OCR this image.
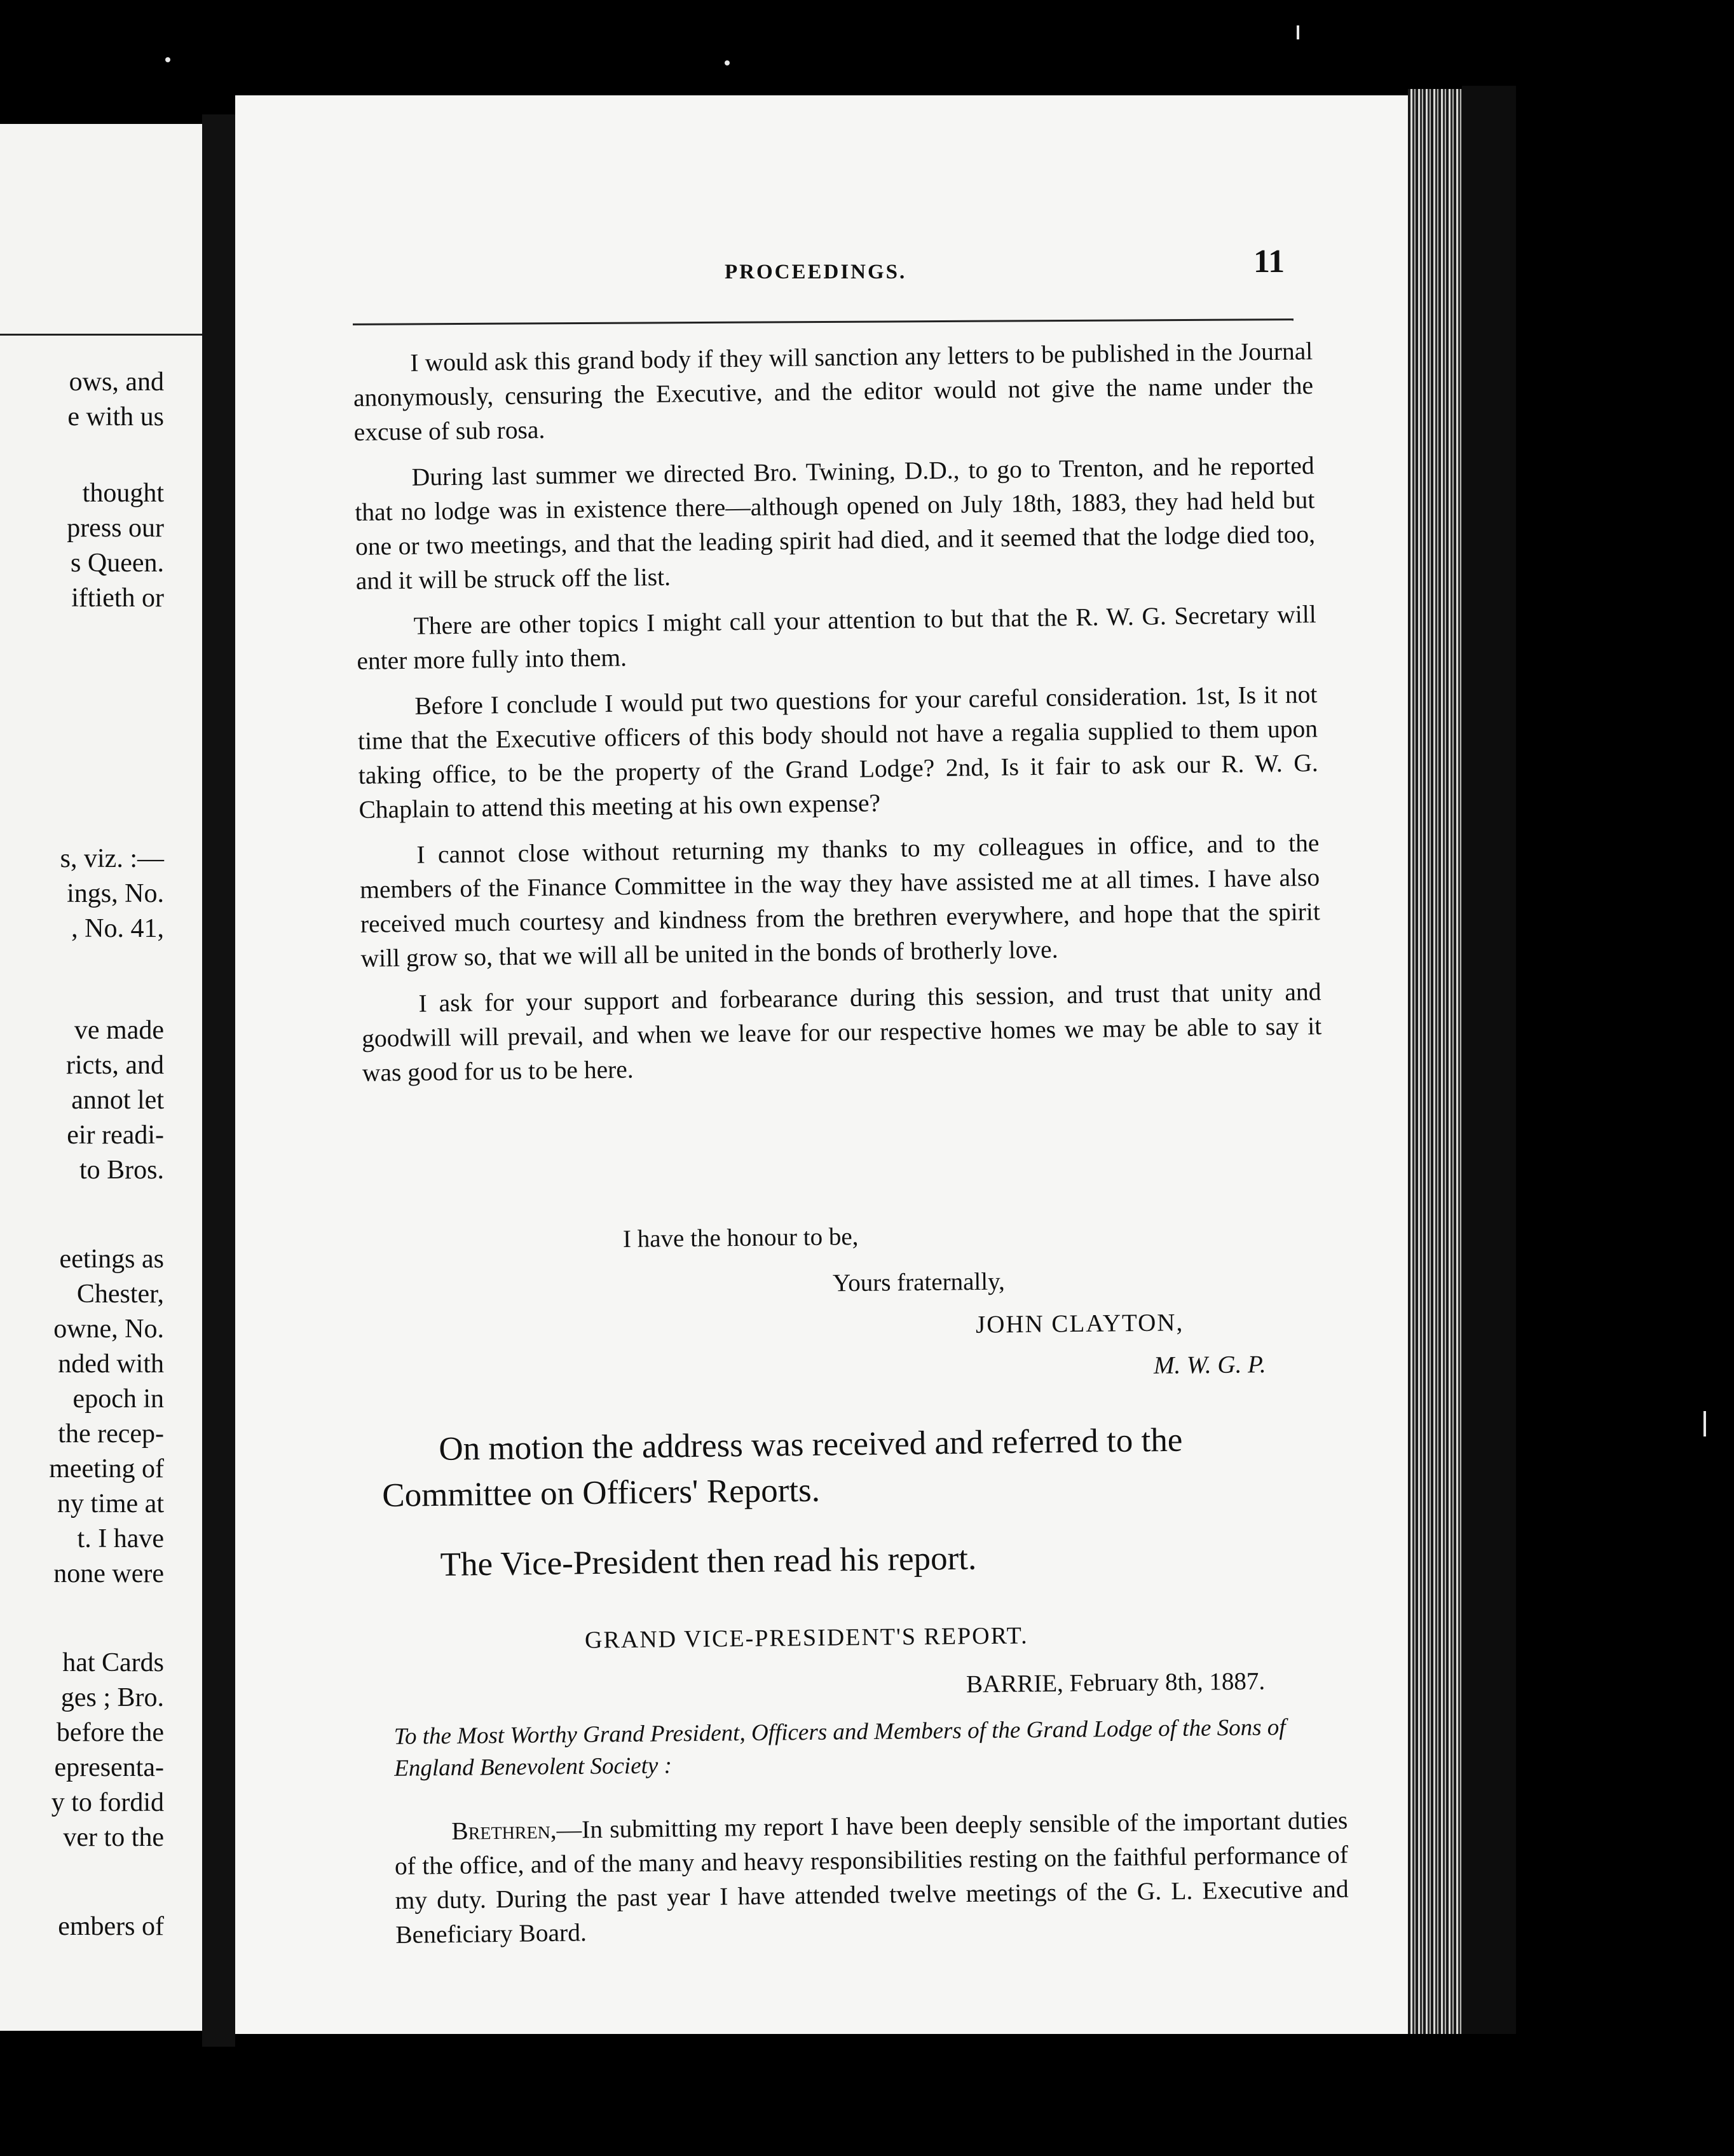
ows, and
e with us
thought
press our
s Queen.
iftieth or
s, viz. :—
ings, No.
, No. 41,
ve made
ricts, and
annot let
eir readi-
to Bros.
eetings as
Chester,
owne, No.
nded with
epoch in
the recep-
meeting of
ny time at
t. I have
none were
hat Cards
ges ; Bro.
before the
epresenta-
y to fordid
ver to the
embers of
PROCEEDINGS.	11

I would ask this grand body if they will sanction any letters to be published in the Journal anonymously, censuring the Executive, and the editor would not give the name under the excuse of sub rosa.

During last summer we directed Bro. Twining, D.D., to go to Trenton, and he reported that no lodge was in existence there—although opened on July 18th, 1883, they had held but one or two meetings, and that the leading spirit had died, and it seemed that the lodge died too, and it will be struck off the list.

There are other topics I might call your attention to but that the R. W. G. Secretary will enter more fully into them.

Before I conclude I would put two questions for your careful consideration. 1st, Is it not time that the Executive officers of this body should not have a regalia supplied to them upon taking office, to be the property of the Grand Lodge? 2nd, Is it fair to ask our R. W. G. Chaplain to attend this meeting at his own expense?

I cannot close without returning my thanks to my colleagues in office, and to the members of the Finance Committee in the way they have assisted me at all times. I have also received much courtesy and kindness from the brethren everywhere, and hope that the spirit will grow so, that we will all be united in the bonds of brotherly love.

I ask for your support and forbearance during this session, and trust that unity and goodwill will prevail, and when we leave for our respective homes we may be able to say it was good for us to be here.

I have the honour to be,
Yours fraternally,
JOHN CLAYTON,
M. W. G. P.

On motion the address was received and referred to the Committee on Officers' Reports.

The Vice-President then read his report.

GRAND VICE-PRESIDENT'S REPORT.
BARRIE, February 8th, 1887.
To the Most Worthy Grand President, Officers and Members of the Grand Lodge of the Sons of England Benevolent Society :
Brethren,—In submitting my report I have been deeply sensible of the important duties of the office, and of the many and heavy responsibilities resting on the faithful performance of my duty. During the past year I have attended twelve meetings of the G. L. Executive and Beneficiary Board.
